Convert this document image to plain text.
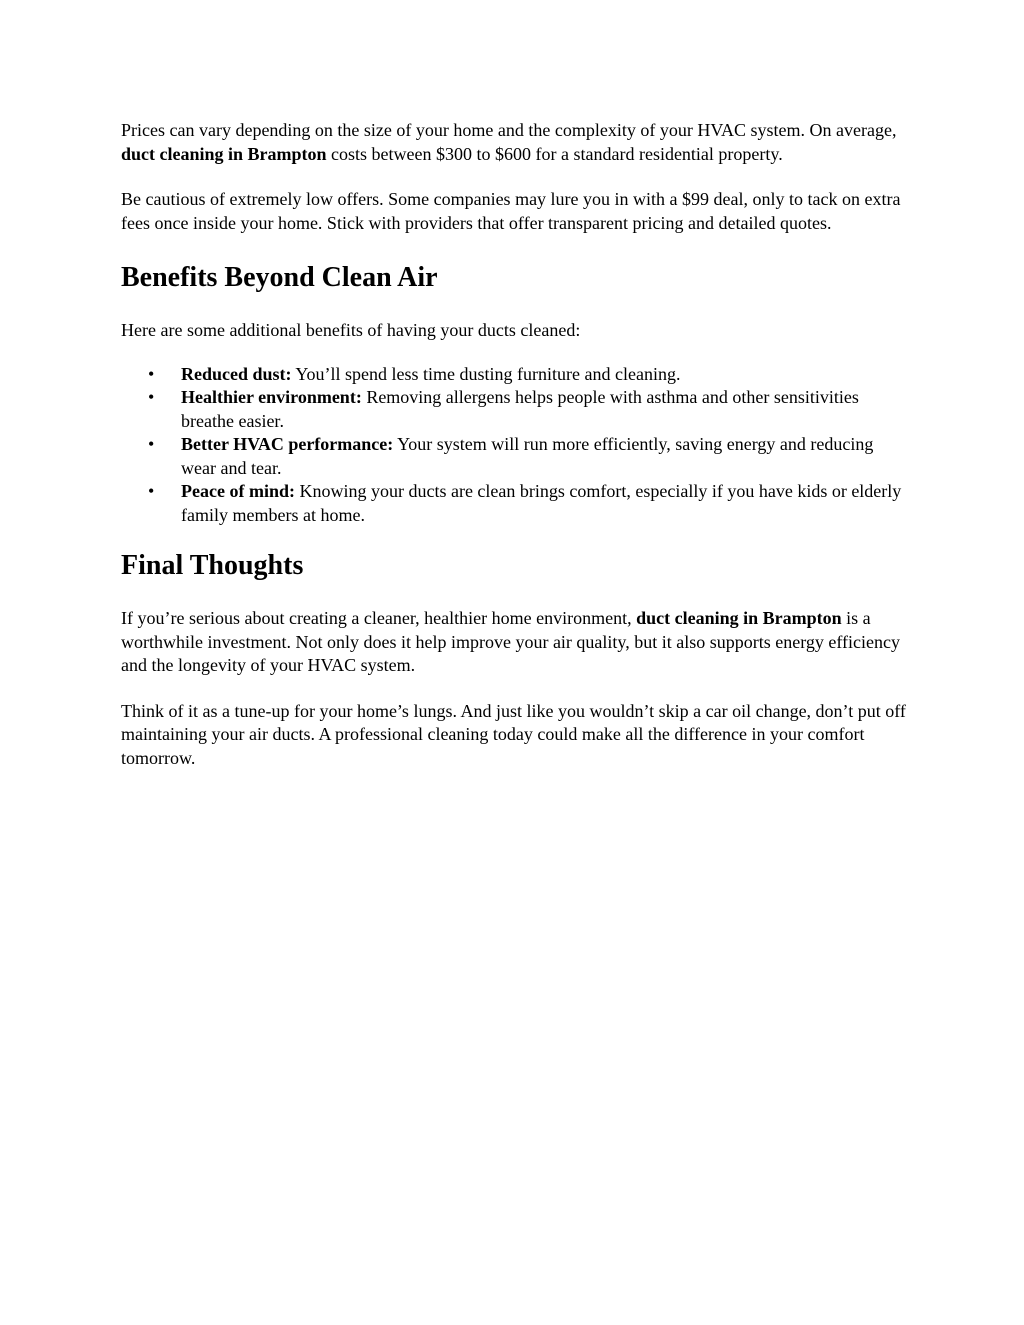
Prices can vary depending on the size of your home and the complexity of your HVAC system. On average, duct cleaning in Brampton costs between $300 to $600 for a standard residential property.

Be cautious of extremely low offers. Some companies may lure you in with a $99 deal, only to tack on extra fees once inside your home. Stick with providers that offer transparent pricing and detailed quotes.

Benefits Beyond Clean Air

Here are some additional benefits of having your ducts cleaned:

• Reduced dust: You’ll spend less time dusting furniture and cleaning.
• Healthier environment: Removing allergens helps people with asthma and other sensitivities breathe easier.
• Better HVAC performance: Your system will run more efficiently, saving energy and reducing wear and tear.
• Peace of mind: Knowing your ducts are clean brings comfort, especially if you have kids or elderly family members at home.
Final Thoughts

If you’re serious about creating a cleaner, healthier home environment, duct cleaning in Brampton is a worthwhile investment. Not only does it help improve your air quality, but it also supports energy efficiency and the longevity of your HVAC system.

Think of it as a tune-up for your home’s lungs. And just like you wouldn’t skip a car oil change, don’t put off maintaining your air ducts. A professional cleaning today could make all the difference in your comfort tomorrow.
